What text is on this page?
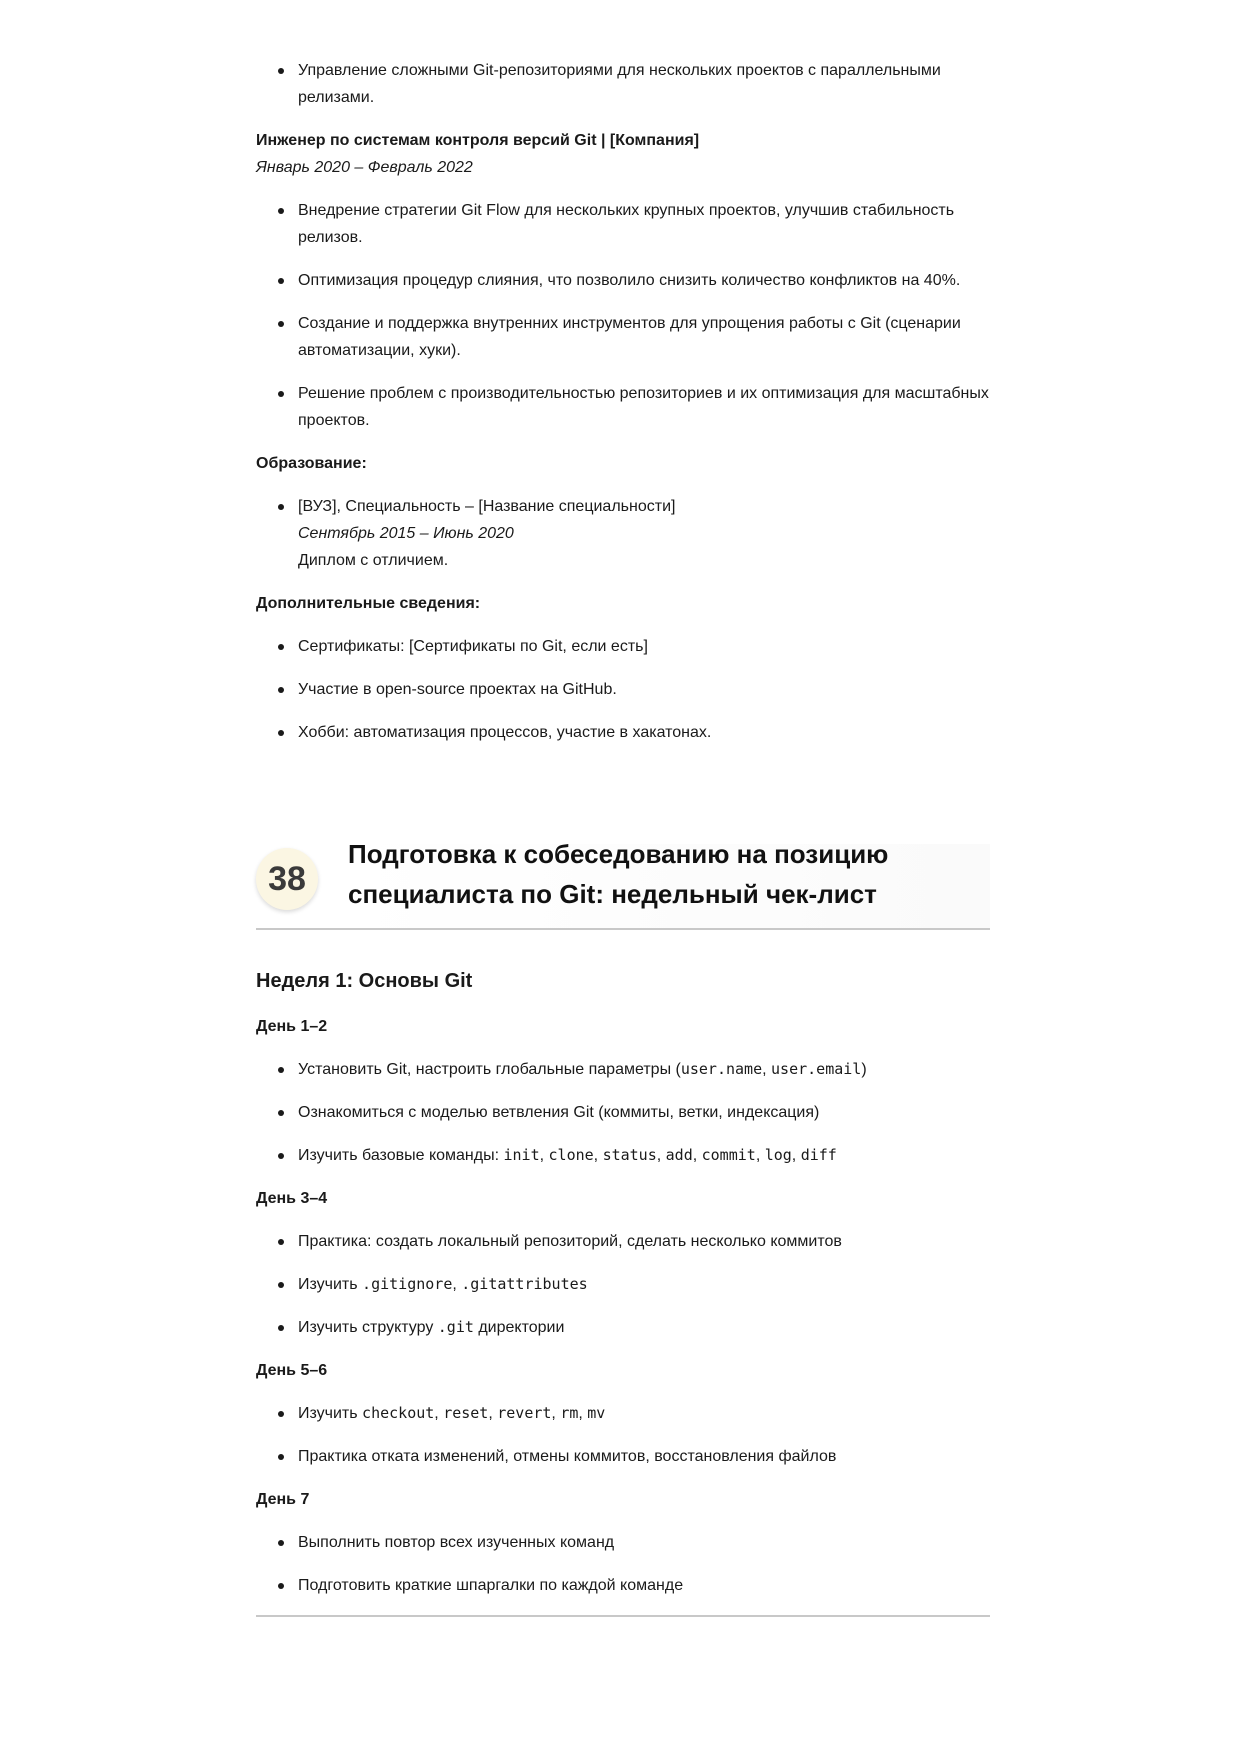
Управление сложными Git-репозиториями для нескольких проектов с параллельными релизами.

Инженер по системам контроля версий Git | [Компания]

Январь 2020 – Февраль 2022

Внедрение стратегии Git Flow для нескольких крупных проектов, улучшив стабильность релизов.
Оптимизация процедур слияния, что позволило снизить количество конфликтов на 40%.
Создание и поддержка внутренних инструментов для упрощения работы с Git (сценарии автоматизации, хуки).
Решение проблем с производительностью репозиториев и их оптимизация для масштабных проектов.

Образование:

[ВУЗ], Специальность – [Название специальности]
Сентябрь 2015 – Июнь 2020
Диплом с отличием.

Дополнительные сведения:

Сертификаты: [Сертификаты по Git, если есть]
Участие в open-source проектах на GitHub.
Хобби: автоматизация процессов, участие в хакатонах.
38
Подготовка к собеседованию на позицию
специалиста по Git: недельный чек-лист
Неделя 1: Основы Git

День 1–2

Установить Git, настроить глобальные параметры (user.name, user.email)
Ознакомиться с моделью ветвления Git (коммиты, ветки, индексация)
Изучить базовые команды: init, clone, status, add, commit, log, diff

День 3–4

Практика: создать локальный репозиторий, сделать несколько коммитов
Изучить .gitignore, .gitattributes
Изучить структуру .git директории

День 5–6

Изучить checkout, reset, revert, rm, mv
Практика отката изменений, отмены коммитов, восстановления файлов

День 7

Выполнить повтор всех изученных команд
Подготовить краткие шпаргалки по каждой команде
